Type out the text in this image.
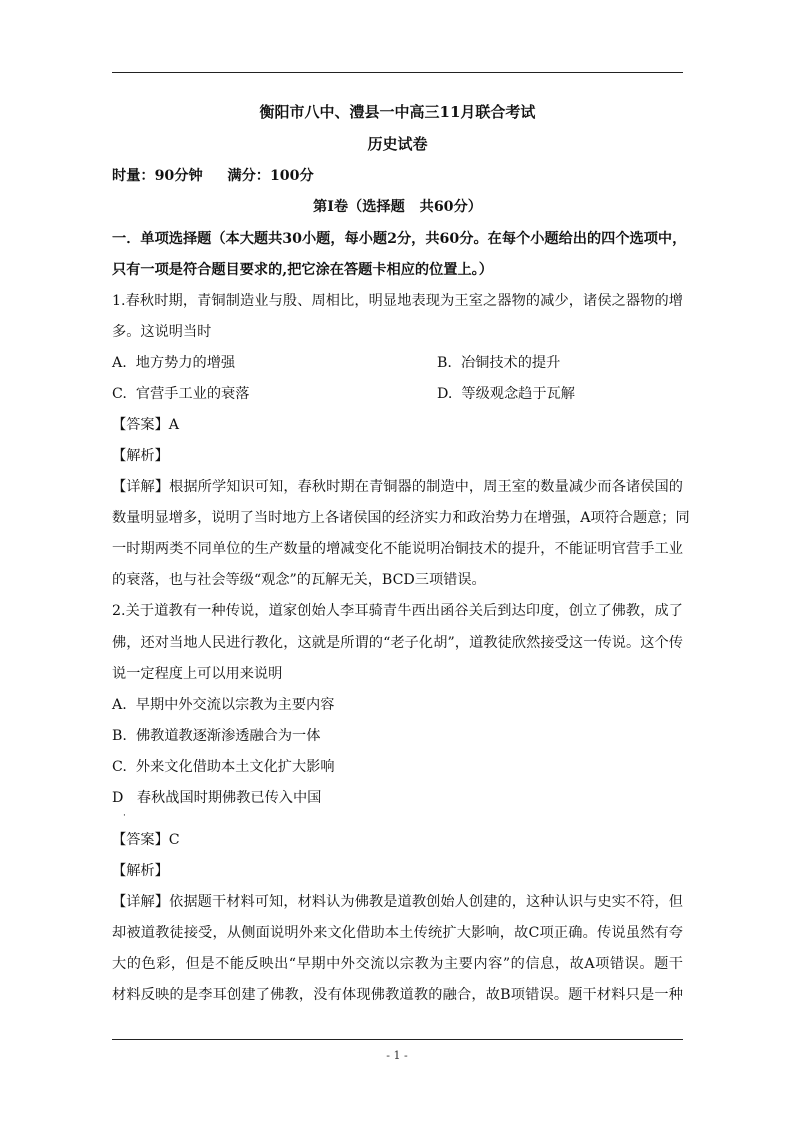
衡阳市八中、澧县一中高三11月联合考试
历史试卷
时量：90分钟     满分：100分
第Ⅰ卷（选择题   共60分）
一．单项选择题（本大题共30小题，每小题2分，共60分。在每个小题给出的四个选项中，
只有一项是符合题目要求的,把它涂在答题卡相应的位置上。）
1.春秋时期，青铜制造业与殷、周相比，明显地表现为王室之器物的减少，诸侯之器物的增
多。这说明当时
A.  地方势力的增强	B.  冶铜技术的提升
C.  官营手工业的衰落	D.  等级观念趋于瓦解
【答案】A
【解析】
【详解】根据所学知识可知，春秋时期在青铜器的制造中，周王室的数量减少而各诸侯国的
数量明显增多，说明了当时地方上各诸侯国的经济实力和政治势力在增强，A项符合题意；同
一时期两类不同单位的生产数量的增减变化不能说明冶铜技术的提升，不能证明官营手工业
的衰落，也与社会等级“观念”的瓦解无关，BCD三项错误。
2.关于道教有一种传说，道家创始人李耳骑青牛西出函谷关后到达印度，创立了佛教，成了
佛，还对当地人民进行教化，这就是所谓的“老子化胡”，道教徒欣然接受这一传说。这个传
说一定程度上可以用来说明
A.  早期中外交流以宗教为主要内容
B.  佛教道教逐渐渗透融合为一体
C.  外来文化借助本土文化扩大影响
D   春秋战国时期佛教已传入中国
·
【答案】C
【解析】
【详解】依据题干材料可知，材料认为佛教是道教创始人创建的，这种认识与史实不符，但
却被道教徒接受，从侧面说明外来文化借助本土传统扩大影响，故C项正确。传说虽然有夸
大的色彩，但是不能反映出“早期中外交流以宗教为主要内容”的信息，故A项错误。题干
材料反映的是李耳创建了佛教，没有体现佛教道教的融合，故B项错误。题干材料只是一种
- 1 -
